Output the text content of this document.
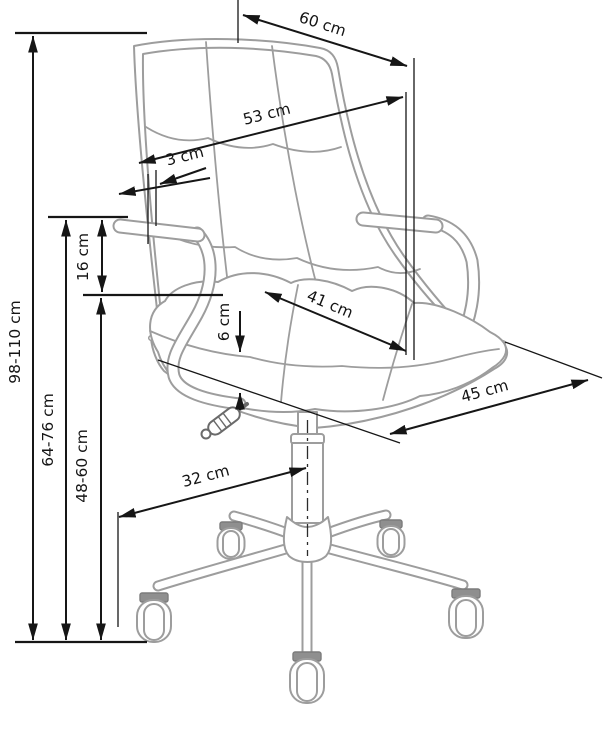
60 cm
53 cm
3 cm
16 cm
41 cm
6 cm
98-110 cm
64-76 cm 48-60 cm
45 cm
32 cm
